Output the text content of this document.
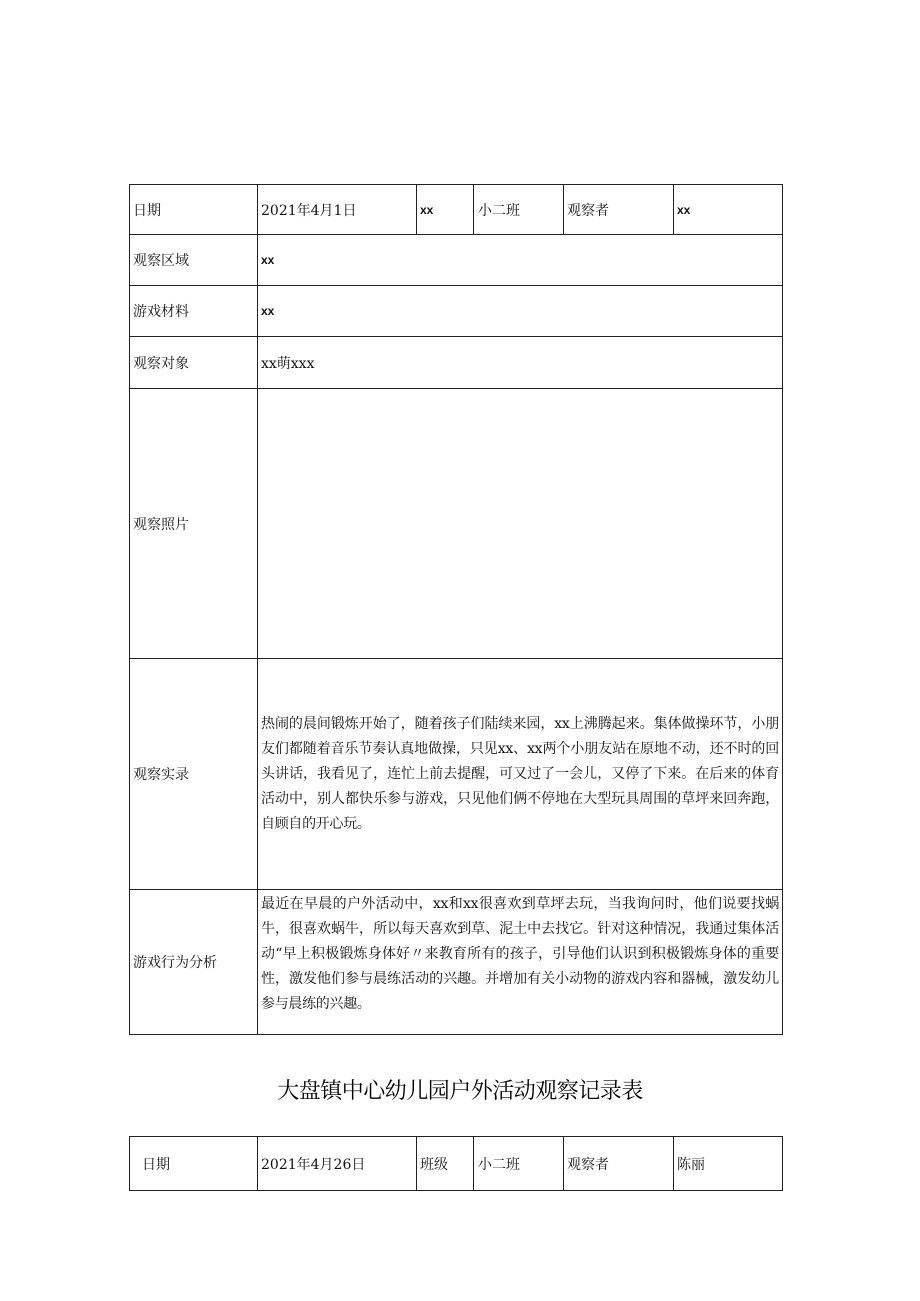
日期	2021年4月1日	xx	小二班	观察者	xx
观察区域	xx				
游戏材料	xx				
观察对象	xx萌xxx				
观察照片					
观察实录	热闹的晨间锻炼开始了，随着孩子们陆续来园，xx上沸腾起来。集体做操环节，小朋友们都随着音乐节奏认真地做操，只见xx、xx两个小朋友站在原地不动，还不时的回头讲话，我看见了，连忙上前去提醒，可又过了一会儿，又停了下来。在后来的体育活动中，别人都快乐参与游戏，只见他们俩不停地在大型玩具周围的草坪来回奔跑，自顾自的开心玩。				
游戏行为分析	最近在早晨的户外活动中，xx和xx很喜欢到草坪去玩，当我询问时，他们说要找蜗牛，很喜欢蜗牛，所以每天喜欢到草、泥土中去找它。针对这种情况，我通过集体活动“早上积极锻炼身体好〃来教育所有的孩子，引导他们认识到积极锻炼身体的重要性，激发他们参与晨练活动的兴趣。并增加有关小动物的游戏内容和器械，激发幼儿参与晨练的兴趣。				
大盘镇中心幼儿园户外活动观察记录表
日期	2021年4月26日	班级	小二班	观察者	陈丽
